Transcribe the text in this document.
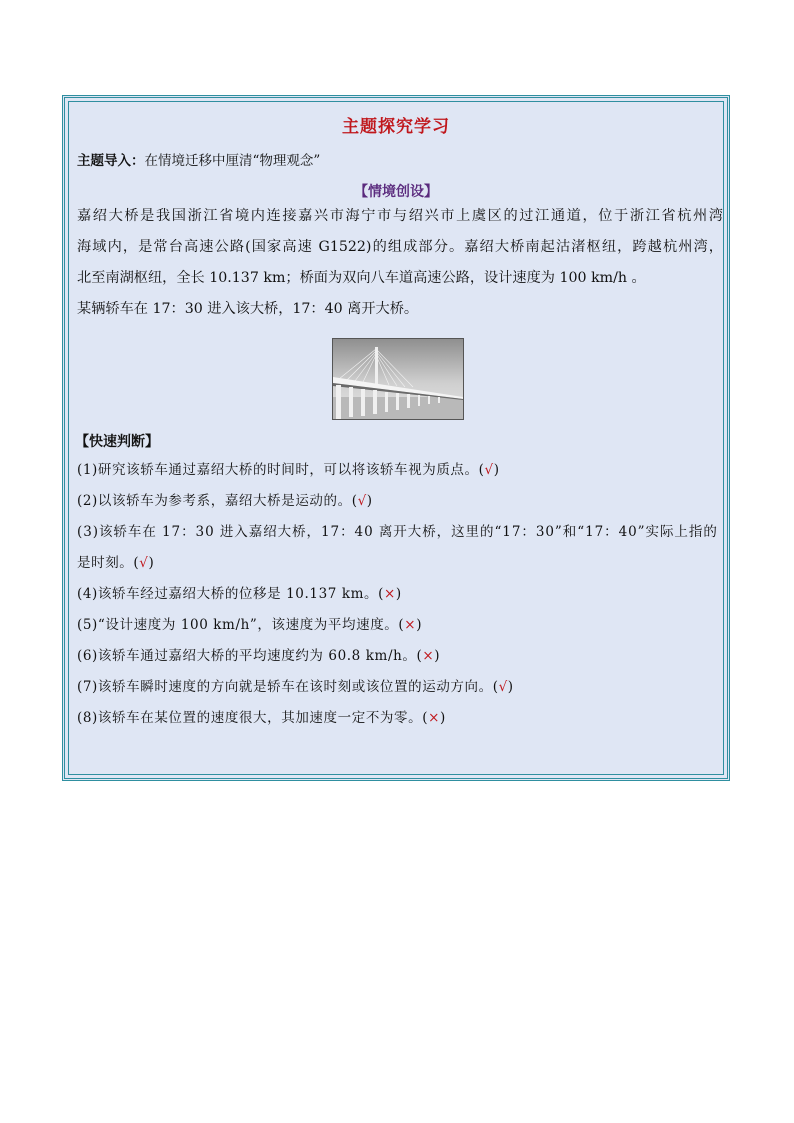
主题探究学习
主题导入：在情境迁移中厘清“物理观念”
【情境创设】
嘉绍大桥是我国浙江省境内连接嘉兴市海宁市与绍兴市上虞区的过江通道，位于浙江省杭州湾
海域内，是常台高速公路(国家高速 G1522)的组成部分。嘉绍大桥南起沽渚枢纽，跨越杭州湾，
北至南湖枢纽，全长 10.137 km；桥面为双向八车道高速公路，设计速度为 100 km/h 。
某辆轿车在 17：30 进入该大桥，17：40 离开大桥。
【快速判断】
(1)研究该轿车通过嘉绍大桥的时间时，可以将该轿车视为质点。(√)
(2)以该轿车为参考系，嘉绍大桥是运动的。(√)
(3)该轿车在 17：30 进入嘉绍大桥，17：40 离开大桥，这里的“17：30”和“17：40”实际上指的
是时刻。(√)
(4)该轿车经过嘉绍大桥的位移是 10.137 km。(×)
(5)“设计速度为 100 km/h”，该速度为平均速度。(×)
(6)该轿车通过嘉绍大桥的平均速度约为 60.8 km/h。(×)
(7)该轿车瞬时速度的方向就是轿车在该时刻或该位置的运动方向。(√)
(8)该轿车在某位置的速度很大，其加速度一定不为零。(×)
